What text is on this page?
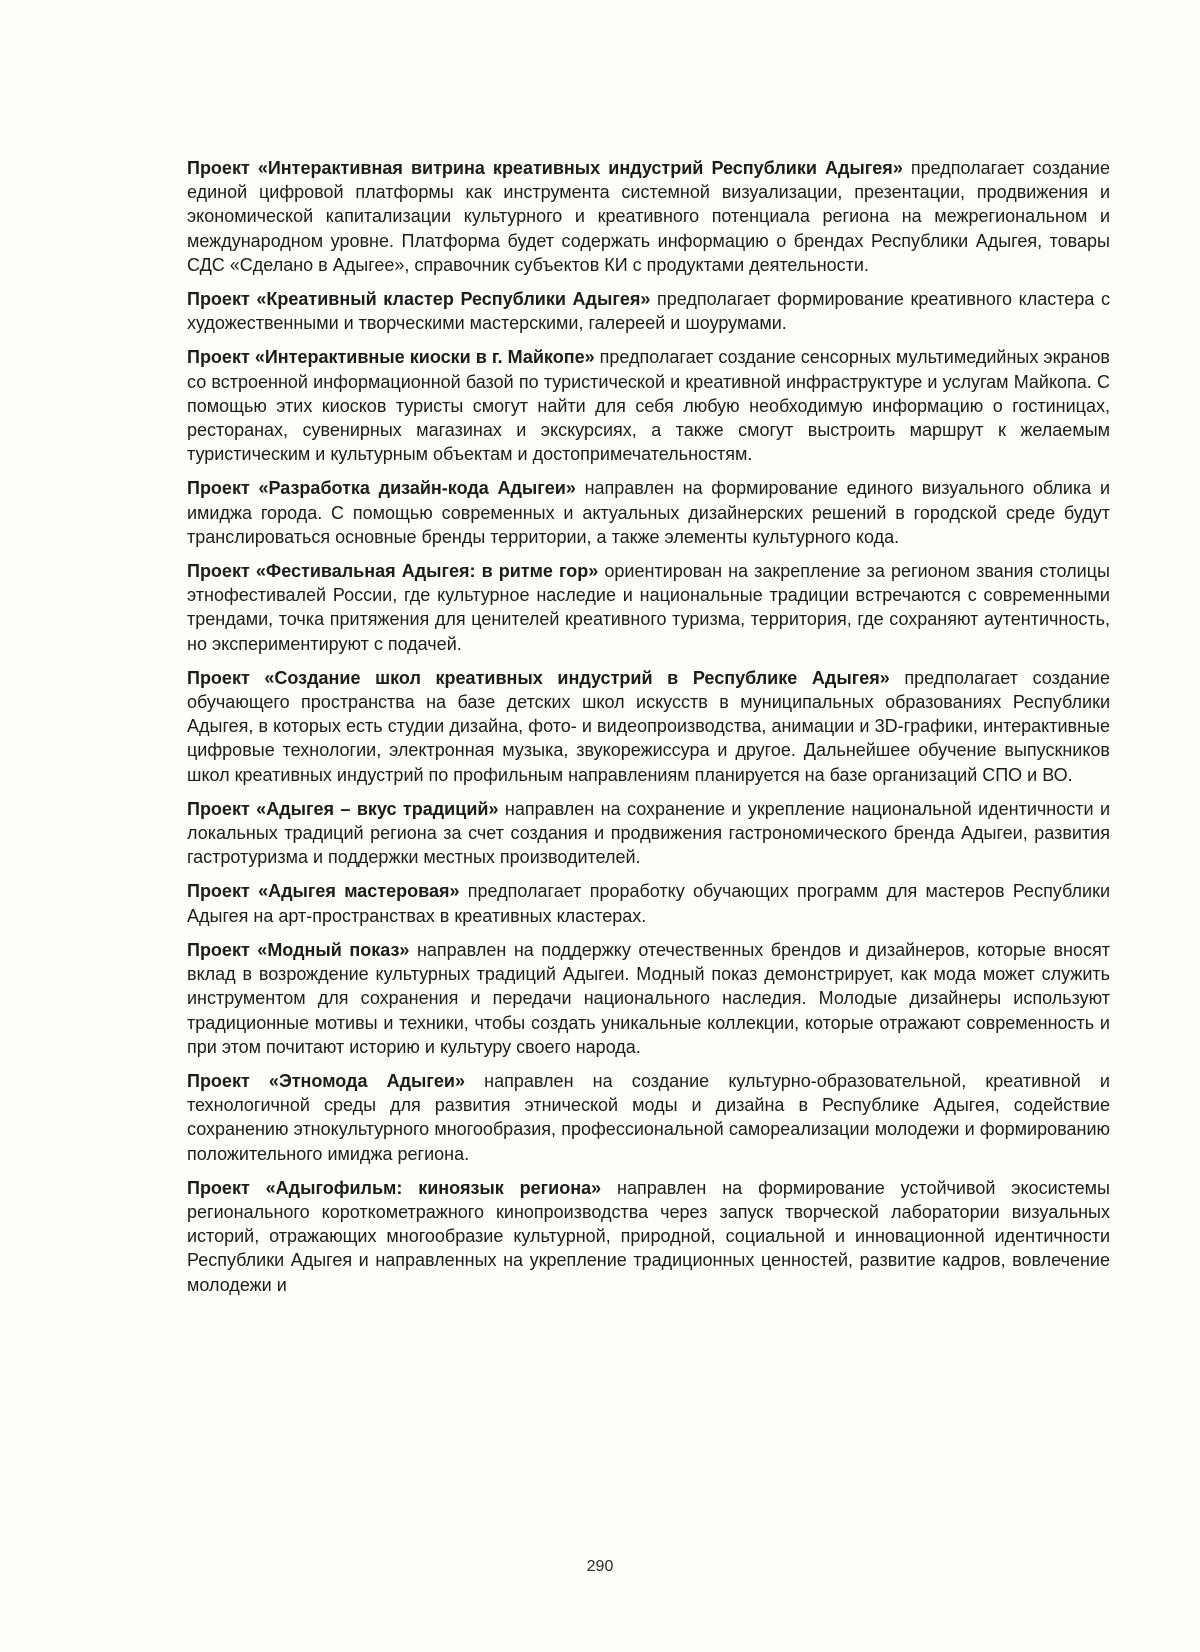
Проект «Интерактивная витрина креативных индустрий Республики Адыгея» предполагает создание единой цифровой платформы как инструмента системной визуализации, презентации, продвижения и экономической капитализации культурного и креативного потенциала региона на межрегиональном и международном уровне. Платформа будет содержать информацию о брендах Республики Адыгея, товары СДС «Сделано в Адыгее», справочник субъектов КИ с продуктами деятельности.

Проект «Креативный кластер Республики Адыгея» предполагает формирование креативного кластера с художественными и творческими мастерскими, галереей и шоурумами.

Проект «Интерактивные киоски в г. Майкопе» предполагает создание сенсорных мультимедийных экранов со встроенной информационной базой по туристической и креативной инфраструктуре и услугам Майкопа. С помощью этих киосков туристы смогут найти для себя любую необходимую информацию о гостиницах, ресторанах, сувенирных магазинах и экскурсиях, а также смогут выстроить маршрут к желаемым туристическим и культурным объектам и достопримечательностям.

Проект «Разработка дизайн-кода Адыгеи» направлен на формирование единого визуального облика и имиджа города. С помощью современных и актуальных дизайнерских решений в городской среде будут транслироваться основные бренды территории, а также элементы культурного кода.

Проект «Фестивальная Адыгея: в ритме гор» ориентирован на закрепление за регионом звания столицы этнофестивалей России, где культурное наследие и национальные традиции встречаются с современными трендами, точка притяжения для ценителей креативного туризма, территория, где сохраняют аутентичность, но экспериментируют с подачей.

Проект «Создание школ креативных индустрий в Республике Адыгея» предполагает создание обучающего пространства на базе детских школ искусств в муниципальных образованиях Республики Адыгея, в которых есть студии дизайна, фото- и видеопроизводства, анимации и 3D-графики, интерактивные цифровые технологии, электронная музыка, звукорежиссура и другое. Дальнейшее обучение выпускников школ креативных индустрий по профильным направлениям планируется на базе организаций СПО и ВО.

Проект «Адыгея – вкус традиций» направлен на сохранение и укрепление национальной идентичности и локальных традиций региона за счет создания и продвижения гастрономического бренда Адыгеи, развития гастротуризма и поддержки местных производителей.

Проект «Адыгея мастеровая» предполагает проработку обучающих программ для мастеров Республики Адыгея на арт-пространствах в креативных кластерах.

Проект «Модный показ» направлен на поддержку отечественных брендов и дизайнеров, которые вносят вклад в возрождение культурных традиций Адыгеи. Модный показ демонстрирует, как мода может служить инструментом для сохранения и передачи национального наследия. Молодые дизайнеры используют традиционные мотивы и техники, чтобы создать уникальные коллекции, которые отражают современность и при этом почитают историю и культуру своего народа.

Проект «Этномода Адыгеи» направлен на создание культурно-образовательной, креативной и технологичной среды для развития этнической моды и дизайна в Республике Адыгея, содействие сохранению этнокультурного многообразия, профессиональной самореализации молодежи и формированию положительного имиджа региона.

Проект «Адыгофильм: киноязык региона» направлен на формирование устойчивой экосистемы регионального короткометражного кинопроизводства через запуск творческой лаборатории визуальных историй, отражающих многообразие культурной, природной, социальной и инновационной идентичности Республики Адыгея и направленных на укрепление традиционных ценностей, развитие кадров, вовлечение молодежи и

290
